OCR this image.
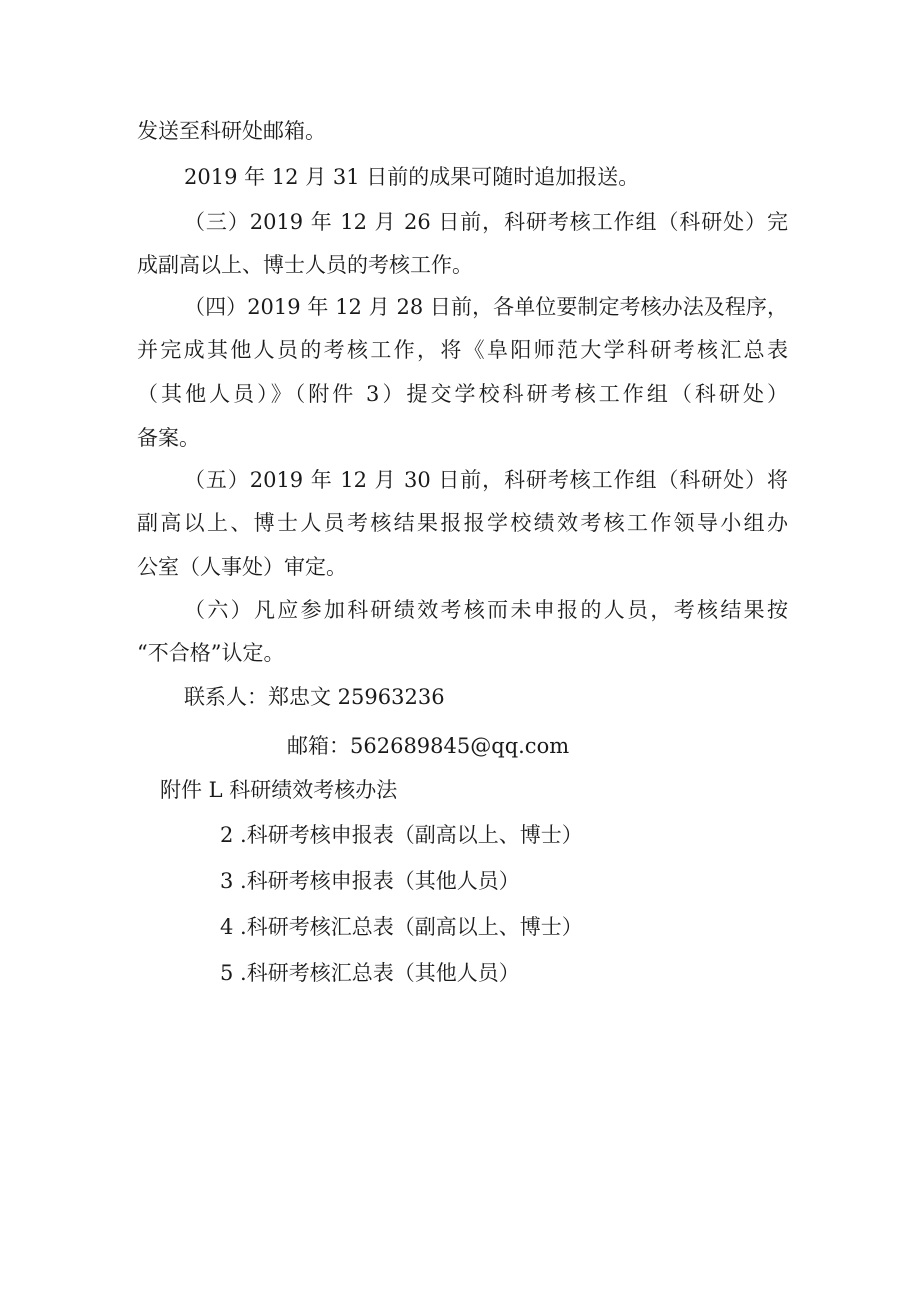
发送至科研处邮箱。
2019 年 12 月 31 日前的成果可随时追加报送。
（三）2019 年 12 月 26 日前，科研考核工作组（科研处）完
成副高以上、博士人员的考核工作。
（四）2019 年 12 月 28 日前，各单位要制定考核办法及程序，
并完成其他人员的考核工作，将《阜阳师范大学科研考核汇总表
（其他人员）》（附件 3）提交学校科研考核工作组（科研处）
备案。
（五）2019 年 12 月 30 日前，科研考核工作组（科研处）将
副高以上、博士人员考核结果报报学校绩效考核工作领导小组办
公室（人事处）审定。
（六）凡应参加科研绩效考核而未申报的人员，考核结果按
“不合格”认定。
联系人：郑忠文 25963236
邮箱：562689845@qq.com
附件 L 科研绩效考核办法
2 .科研考核申报表（副高以上、博士）
3 .科研考核申报表（其他人员）
4 .科研考核汇总表（副高以上、博士）
5 .科研考核汇总表（其他人员）
